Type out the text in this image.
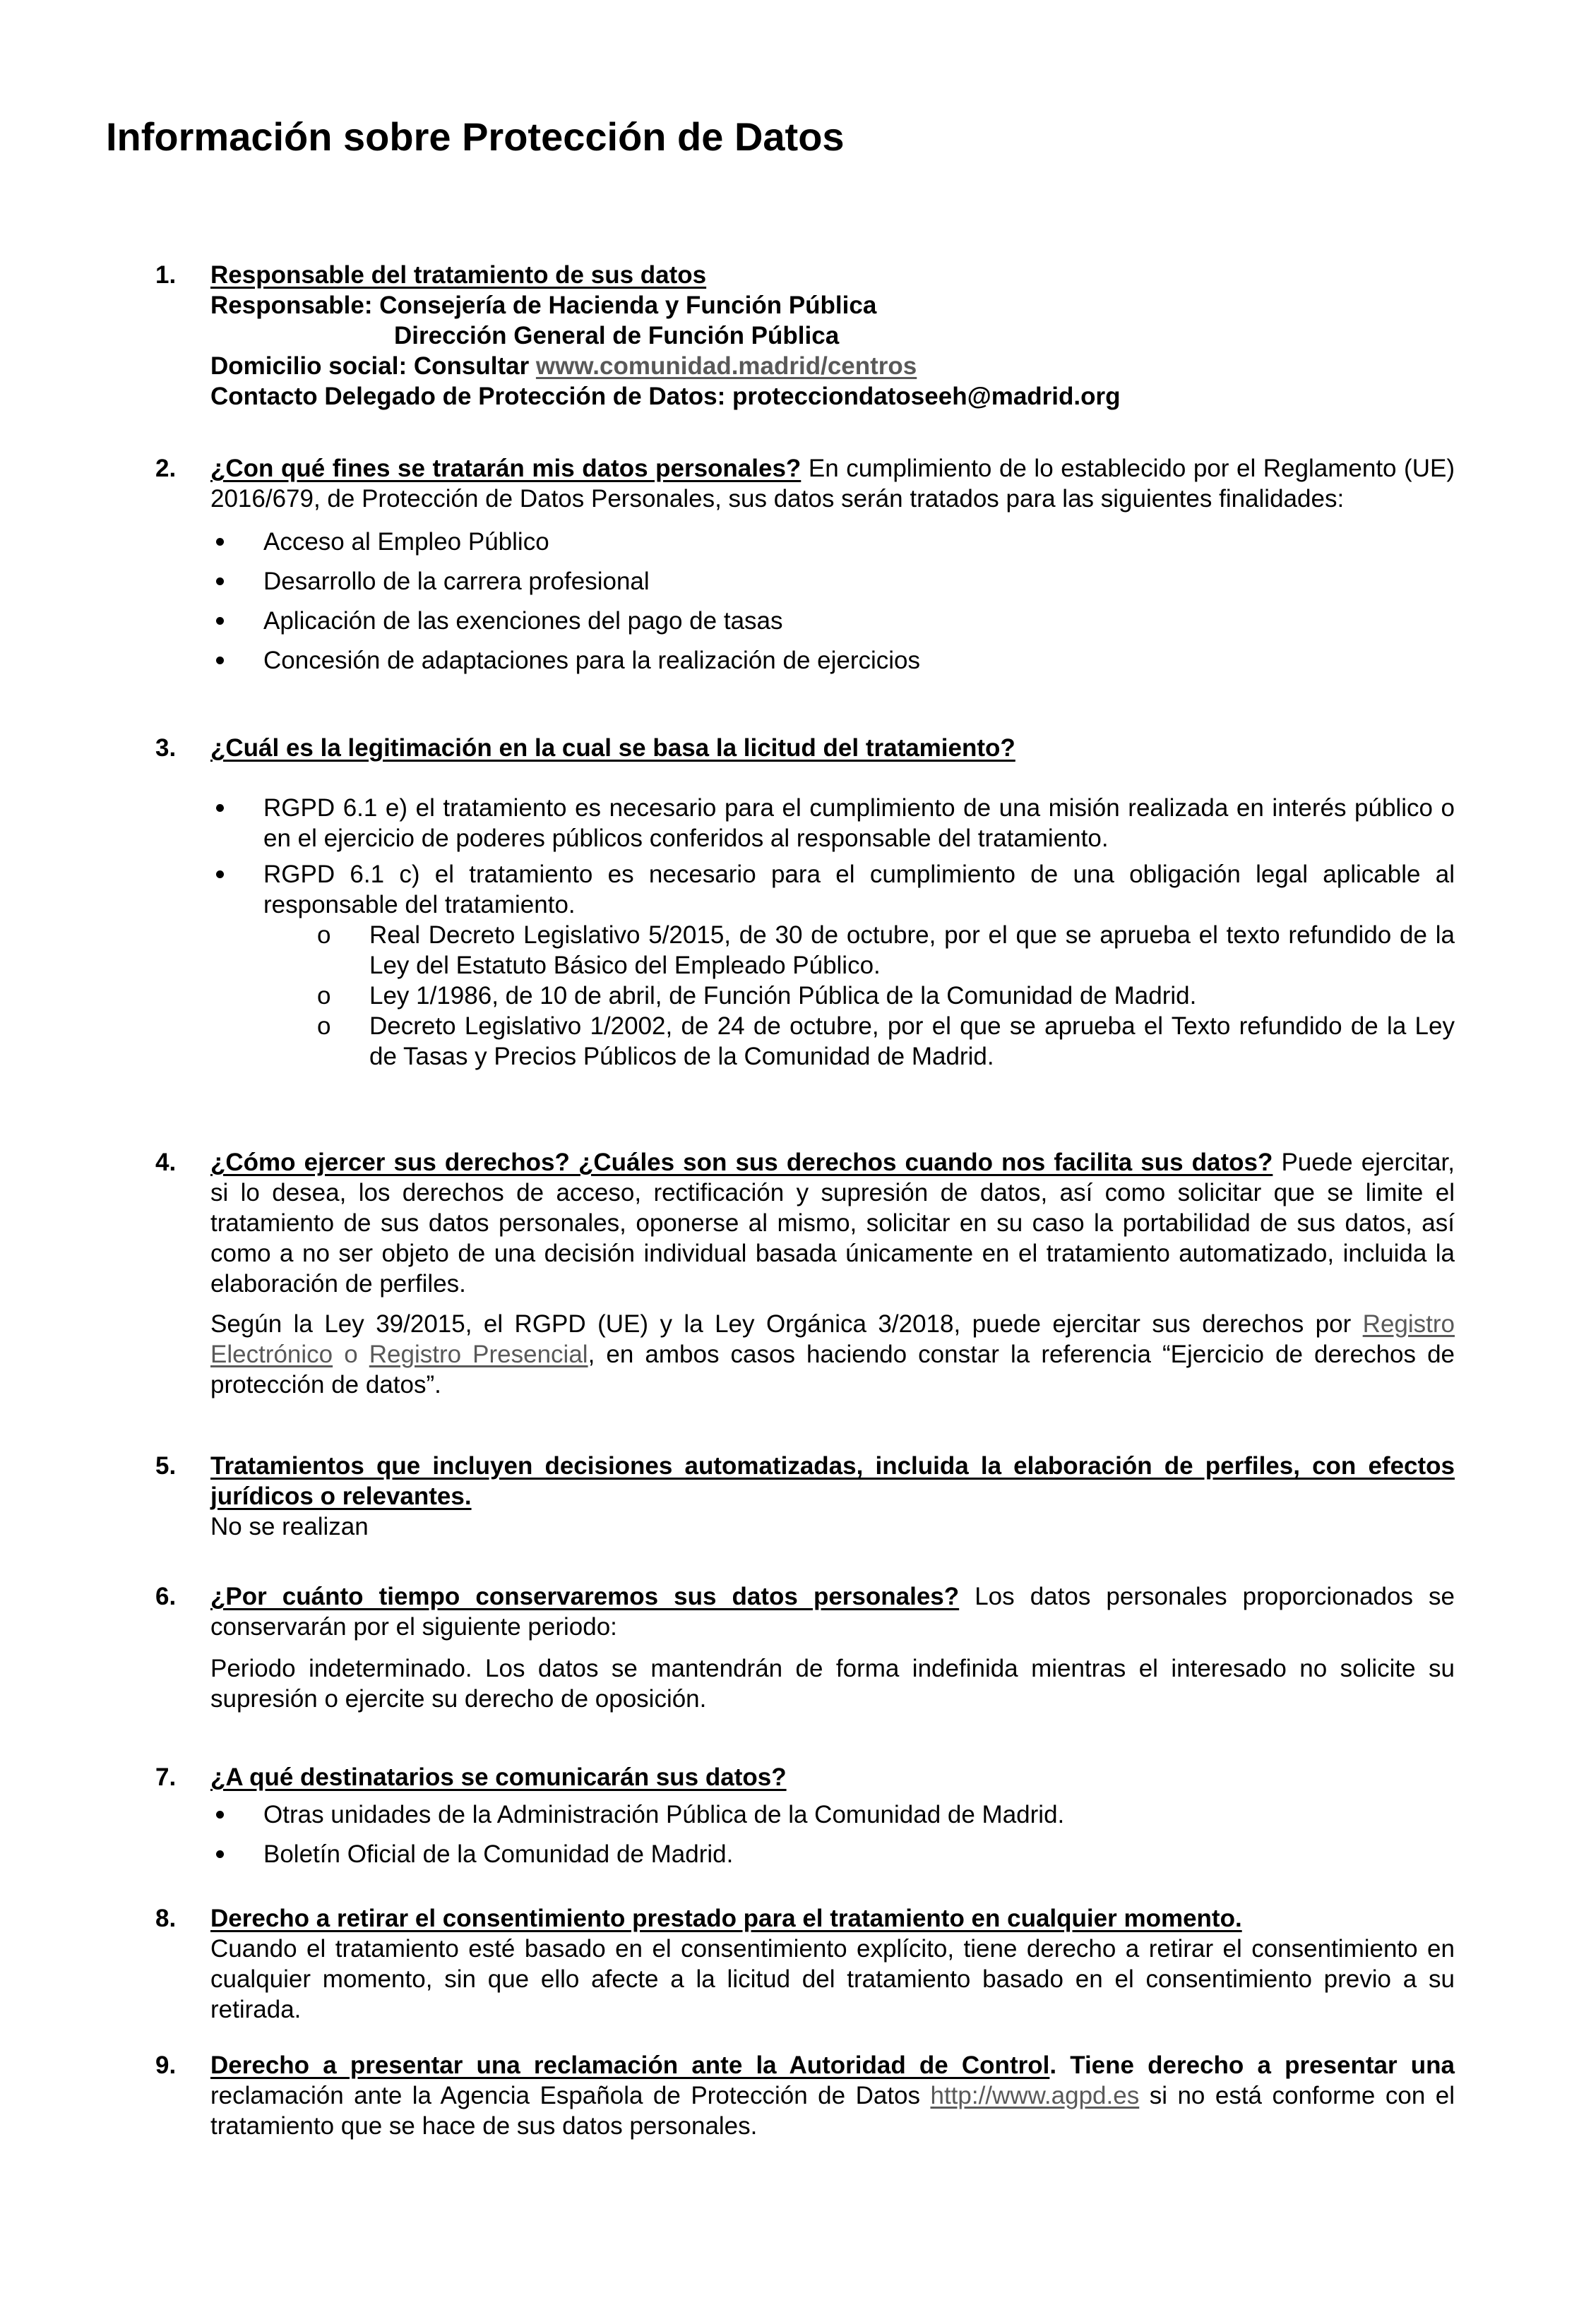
Información sobre Protección de Datos
1.	Responsable del tratamiento de sus datos
Responsable: Consejería de Hacienda y Función Pública
Dirección General de Función Pública
Domicilio social: Consultar www.comunidad.madrid/centros
Contacto Delegado de Protección de Datos: protecciondatoseeh@madrid.org
2.	¿Con qué fines se tratarán mis datos personales? En cumplimiento de lo establecido por el Reglamento (UE) 2016/679, de Protección de Datos Personales, sus datos serán tratados para las siguientes finalidades:

Acceso al Empleo Público
Desarrollo de la carrera profesional
Aplicación de las exenciones del pago de tasas
Concesión de adaptaciones para la realización de ejercicios
3.	¿Cuál es la legitimación en la cual se basa la licitud del tratamiento?
RGPD 6.1 e) el tratamiento es necesario para el cumplimiento de una misión realizada en interés público o en el ejercicio de poderes públicos conferidos al responsable del tratamiento.
RGPD 6.1 c) el tratamiento es necesario para el cumplimiento de una obligación legal aplicable al responsable del tratamiento.
o Real Decreto Legislativo 5/2015, de 30 de octubre, por el que se aprueba el texto refundido de la Ley del Estatuto Básico del Empleado Público.
o Ley 1/1986, de 10 de abril, de Función Pública de la Comunidad de Madrid.
o Decreto Legislativo 1/2002, de 24 de octubre, por el que se aprueba el Texto refundido de la Ley de Tasas y Precios Públicos de la Comunidad de Madrid.
4.	¿Cómo ejercer sus derechos? ¿Cuáles son sus derechos cuando nos facilita sus datos? Puede ejercitar, si lo desea, los derechos de acceso, rectificación y supresión de datos, así como solicitar que se limite el tratamiento de sus datos personales, oponerse al mismo, solicitar en su caso la portabilidad de sus datos, así como a no ser objeto de una decisión individual basada únicamente en el tratamiento automatizado, incluida la elaboración de perfiles.

Según la Ley 39/2015, el RGPD (UE) y la Ley Orgánica 3/2018, puede ejercitar sus derechos por Registro Electrónico o Registro Presencial, en ambos casos haciendo constar la referencia “Ejercicio de derechos de protección de datos”.

5.	Tratamientos que incluyen decisiones automatizadas, incluida la elaboración de perfiles, con efectos jurídicos o relevantes.
No se realizan
6.	¿Por cuánto tiempo conservaremos sus datos personales? Los datos personales proporcionados se conservarán por el siguiente periodo:

Periodo indeterminado. Los datos se mantendrán de forma indefinida mientras el interesado no solicite su supresión o ejercite su derecho de oposición.

7.	¿A qué destinatarios se comunicarán sus datos?
Otras unidades de la Administración Pública de la Comunidad de Madrid.
Boletín Oficial de la Comunidad de Madrid.
8.	Derecho a retirar el consentimiento prestado para el tratamiento en cualquier momento.
Cuando el tratamiento esté basado en el consentimiento explícito, tiene derecho a retirar el consentimiento en cualquier momento, sin que ello afecte a la licitud del tratamiento basado en el consentimiento previo a su retirada.
9.	Derecho a presentar una reclamación ante la Autoridad de Control. Tiene derecho a presentar una reclamación ante la Agencia Española de Protección de Datos http://www.agpd.es si no está conforme con el tratamiento que se hace de sus datos personales.
